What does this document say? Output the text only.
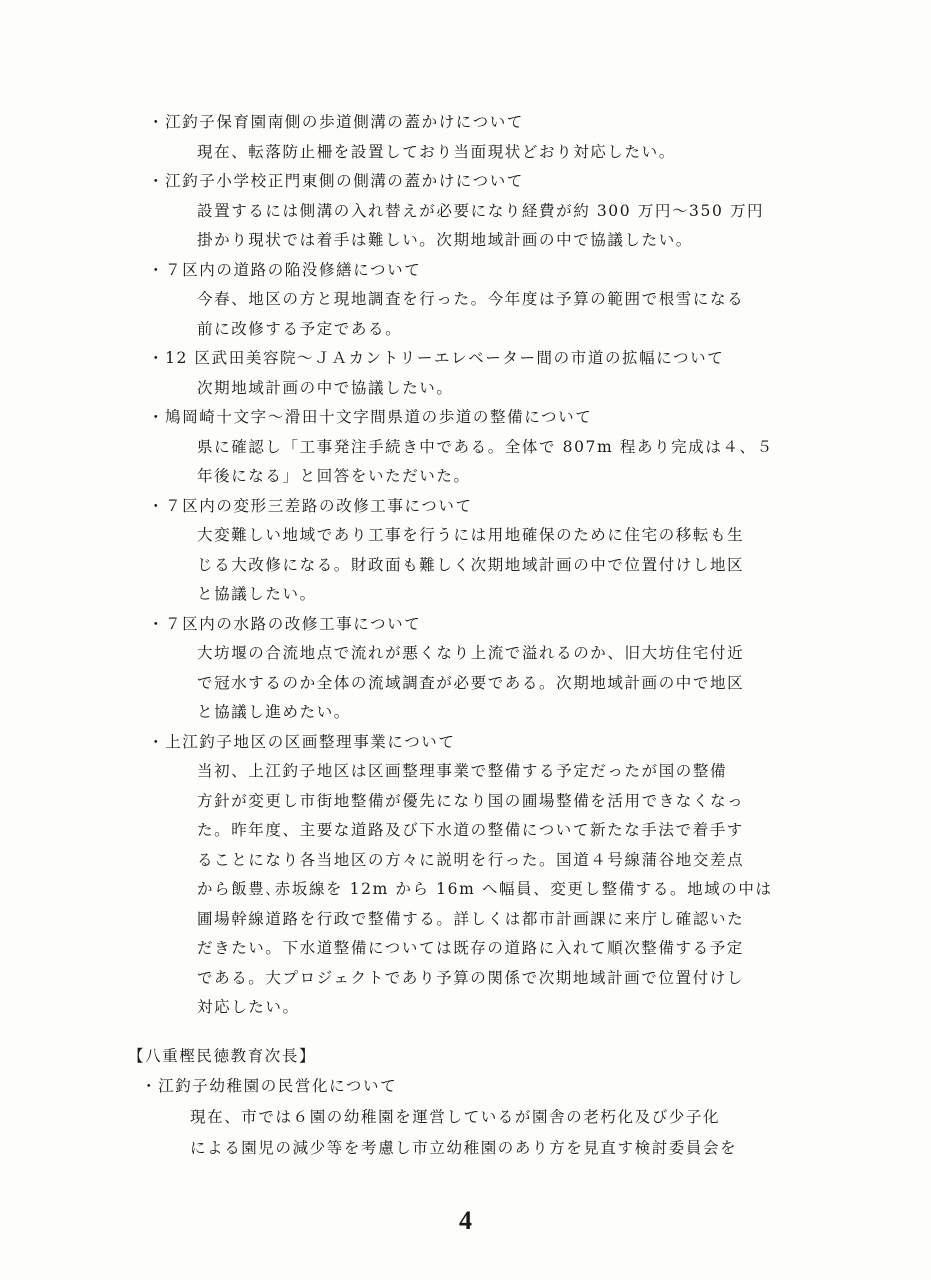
・江釣子保育園南側の歩道側溝の蓋かけについて
現在、転落防止柵を設置しており当面現状どおり対応したい。
・江釣子小学校正門東側の側溝の蓋かけについて
設置するには側溝の入れ替えが必要になり経費が約 300 万円～350 万円
掛かり現状では着手は難しい。次期地域計画の中で協議したい。
・７区内の道路の陥没修繕について
今春、地区の方と現地調査を行った。今年度は予算の範囲で根雪になる
前に改修する予定である。
・12 区武田美容院～ＪＡカントリーエレベーター間の市道の拡幅について
次期地域計画の中で協議したい。
・鳩岡崎十文字～滑田十文字間県道の歩道の整備について
県に確認し「工事発注手続き中である。全体で 807m 程あり完成は４、５
年後になる」と回答をいただいた。
・７区内の変形三差路の改修工事について
大変難しい地域であり工事を行うには用地確保のために住宅の移転も生
じる大改修になる。財政面も難しく次期地域計画の中で位置付けし地区
と協議したい。
・７区内の水路の改修工事について
大坊堰の合流地点で流れが悪くなり上流で溢れるのか、旧大坊住宅付近
で冠水するのか全体の流域調査が必要である。次期地域計画の中で地区
と協議し進めたい。
・上江釣子地区の区画整理事業について
当初、上江釣子地区は区画整理事業で整備する予定だったが国の整備
方針が変更し市街地整備が優先になり国の圃場整備を活用できなくなっ
た。昨年度、主要な道路及び下水道の整備について新たな手法で着手す
ることになり各当地区の方々に説明を行った。国道４号線蒲谷地交差点
から飯豊､赤坂線を 12m から 16m へ幅員、変更し整備する。地域の中は
圃場幹線道路を行政で整備する。詳しくは都市計画課に来庁し確認いた
だきたい。下水道整備については既存の道路に入れて順次整備する予定
である。大プロジェクトであり予算の関係で次期地域計画で位置付けし
対応したい。
【八重樫民徳教育次長】
・江釣子幼稚園の民営化について
現在、市では６園の幼稚園を運営しているが園舎の老朽化及び少子化
による園児の減少等を考慮し市立幼稚園のあり方を見直す検討委員会を
4
